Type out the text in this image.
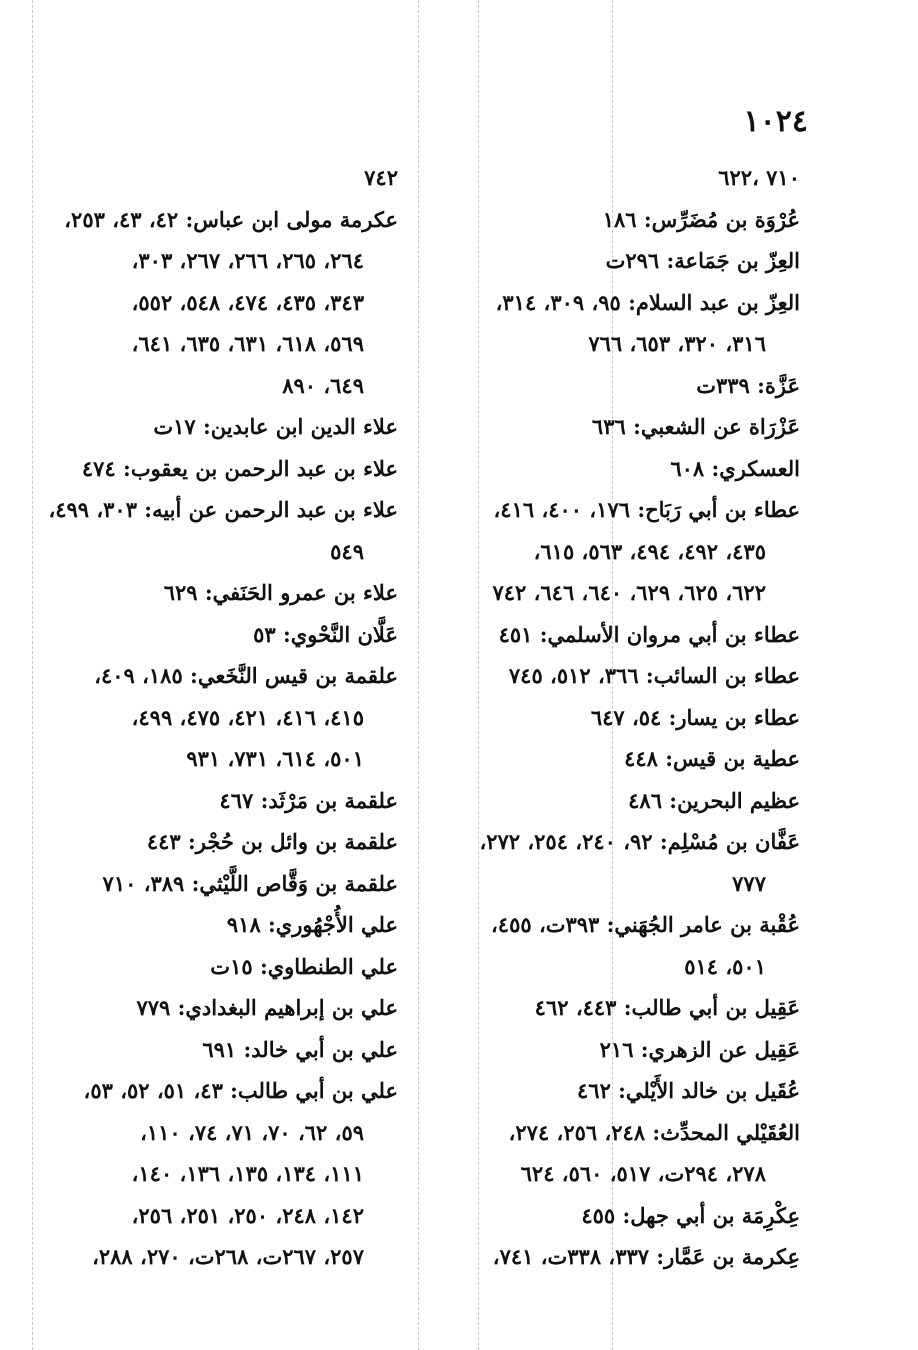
١٠٢٤
٧١٠ ،٦٢٢
عُرْوَة بن مُضَرِّس: ١٨٦
العِزّ بن جَمَاعة: ٢٩٦ت
العِزّ بن عبد السلام: ٩٥، ٣٠٩، ٣١٤،
٣١٦، ٣٢٠، ٦٥٣، ٧٦٦
عَزَّة: ٣٣٩ت
عَزْرَاة عن الشعبي: ٦٣٦
العسكري: ٦٠٨
عطاء بن أبي رَبَاح: ١٧٦، ٤٠٠، ٤١٦،
٤٣٥، ٤٩٢، ٤٩٤، ٥٦٣، ٦١٥،
٦٢٢، ٦٢٥، ٦٢٩، ٦٤٠، ٦٤٦، ٧٤٢
عطاء بن أبي مروان الأسلمي: ٤٥١
عطاء بن السائب: ٣٦٦، ٥١٢، ٧٤٥
عطاء بن يسار: ٥٤، ٦٤٧
عطية بن قيس: ٤٤٨
عظيم البحرين: ٤٨٦
عَفَّان بن مُسْلِم: ٩٢، ٢٤٠، ٢٥٤، ٢٧٢،
٧٧٧
عُقْبة بن عامر الجُهَني: ٣٩٣ت، ٤٥٥،
٥٠١، ٥١٤
عَقِيل بن أبي طالب: ٤٤٣، ٤٦٢
عَقِيل عن الزهري: ٢١٦
عُقَيل بن خالد الأَيْلي: ٤٦٢
العُقَيْلي المحدِّث: ٢٤٨، ٢٥٦، ٢٧٤،
٢٧٨، ٢٩٤ت، ٥١٧، ٥٦٠، ٦٢٤
عِكْرِمَة بن أبي جهل: ٤٥٥
عِكرمة بن عَمَّار: ٣٣٧، ٣٣٨ت، ٧٤١،
٧٤٢
عكرمة مولى ابن عباس: ٤٢، ٤٣، ٢٥٣،
٢٦٤، ٢٦٥، ٢٦٦، ٢٦٧، ٣٠٣،
٣٤٣، ٤٣٥، ٤٧٤، ٥٤٨، ٥٥٢،
٥٦٩، ٦١٨، ٦٣١، ٦٣٥، ٦٤١،
٦٤٩، ٨٩٠
علاء الدين ابن عابدين: ١٧ت
علاء بن عبد الرحمن بن يعقوب: ٤٧٤
علاء بن عبد الرحمن عن أبيه: ٣٠٣، ٤٩٩،
٥٤٩
علاء بن عمرو الحَنَفي: ٦٢٩
عَلَّان النَّحْوي: ٥٣
علقمة بن قيس النَّخَعي: ١٨٥، ٤٠٩،
٤١٥، ٤١٦، ٤٢١، ٤٧٥، ٤٩٩،
٥٠١، ٦١٤، ٧٣١، ٩٣١
علقمة بن مَرْثَد: ٤٦٧
علقمة بن وائل بن حُجْر: ٤٤٣
علقمة بن وَقَّاص اللَّيْثي: ٣٨٩، ٧١٠
علي الأُجْهُوري: ٩١٨
علي الطنطاوي: ١٥ت
علي بن إبراهيم البغدادي: ٧٧٩
علي بن أبي خالد: ٦٩١
علي بن أبي طالب: ٤٣، ٥١، ٥٢، ٥٣،
٥٩، ٦٢، ٧٠، ٧١، ٧٤، ١١٠،
١١١، ١٣٤، ١٣٥، ١٣٦، ١٤٠،
١٤٢، ٢٤٨، ٢٥٠، ٢٥١، ٢٥٦،
٢٥٧، ٢٦٧ت، ٢٦٨ت، ٢٧٠، ٢٨٨،
